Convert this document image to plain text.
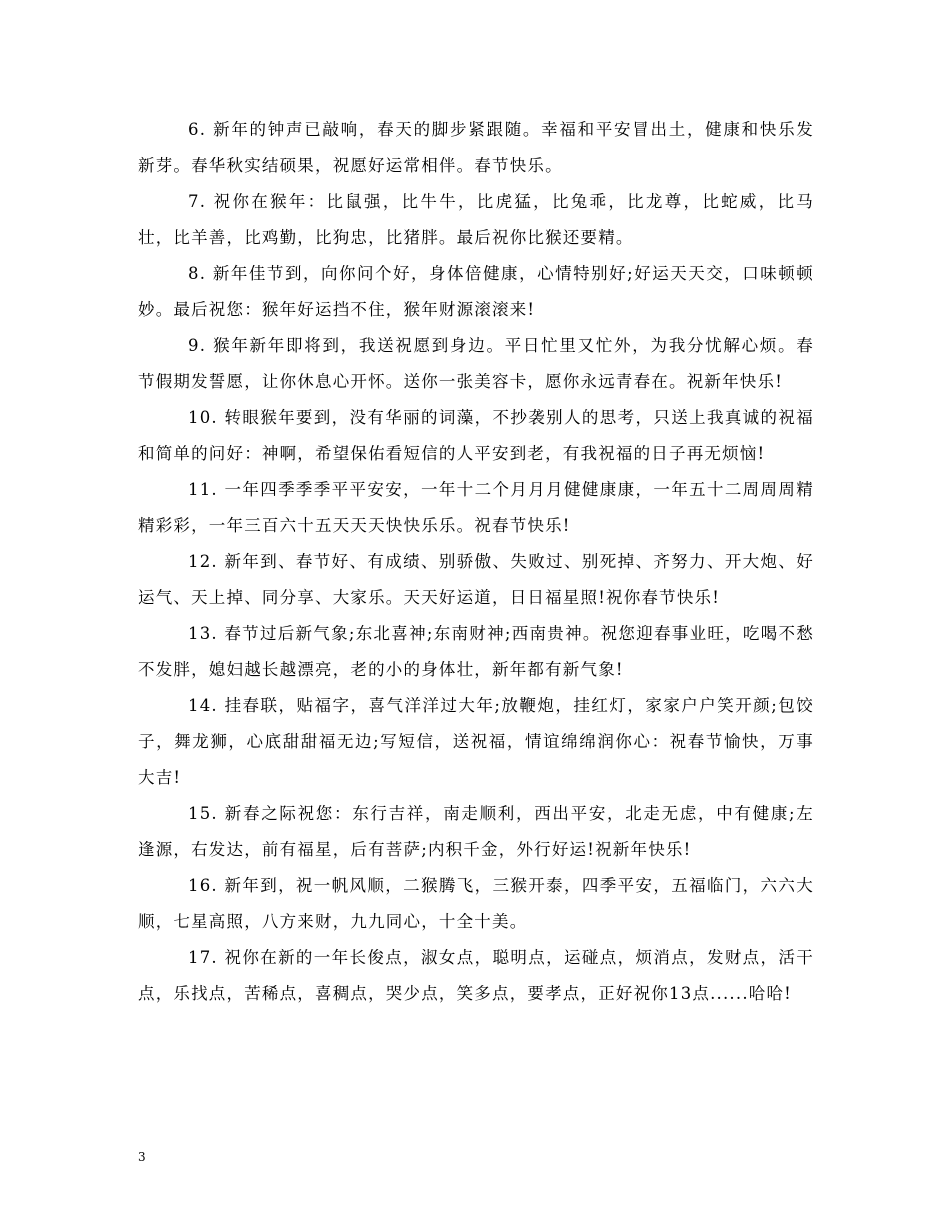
6. 新年的钟声已敲响，春天的脚步紧跟随。幸福和平安冒出土，健康和快乐发新芽。春华秋实结硕果，祝愿好运常相伴。春节快乐。

7. 祝你在猴年：比鼠强，比牛牛，比虎猛，比兔乖，比龙尊，比蛇威，比马壮，比羊善，比鸡勤，比狗忠，比猪胖。最后祝你比猴还要精。

8. 新年佳节到，向你问个好，身体倍健康，心情特别好;好运天天交，口味顿顿妙。最后祝您：猴年好运挡不住，猴年财源滚滚来!

9. 猴年新年即将到，我送祝愿到身边。平日忙里又忙外，为我分忧解心烦。春节假期发誓愿，让你休息心开怀。送你一张美容卡，愿你永远青春在。祝新年快乐!

10. 转眼猴年要到，没有华丽的词藻，不抄袭别人的思考，只送上我真诚的祝福和简单的问好：神啊，希望保佑看短信的人平安到老，有我祝福的日子再无烦恼!

11. 一年四季季季平平安安，一年十二个月月月健健康康，一年五十二周周周精精彩彩，一年三百六十五天天天快快乐乐。祝春节快乐!

12. 新年到、春节好、有成绩、别骄傲、失败过、别死掉、齐努力、开大炮、好运气、天上掉、同分享、大家乐。天天好运道，日日福星照!祝你春节快乐!

13. 春节过后新气象;东北喜神;东南财神;西南贵神。祝您迎春事业旺，吃喝不愁不发胖，媳妇越长越漂亮，老的小的身体壮，新年都有新气象!

14. 挂春联，贴福字，喜气洋洋过大年;放鞭炮，挂红灯，家家户户笑开颜;包饺子，舞龙狮，心底甜甜福无边;写短信，送祝福，情谊绵绵润你心：祝春节愉快，万事大吉!

15. 新春之际祝您：东行吉祥，南走顺利，西出平安，北走无虑，中有健康;左逢源，右发达，前有福星，后有菩萨;内积千金，外行好运!祝新年快乐!

16. 新年到，祝一帆风顺，二猴腾飞，三猴开泰，四季平安，五福临门，六六大顺，七星高照，八方来财，九九同心，十全十美。

17. 祝你在新的一年长俊点，淑女点，聪明点，运碰点，烦消点，发财点，活干点，乐找点，苦稀点，喜稠点，哭少点，笑多点，要孝点，正好祝你13点......哈哈!

3
